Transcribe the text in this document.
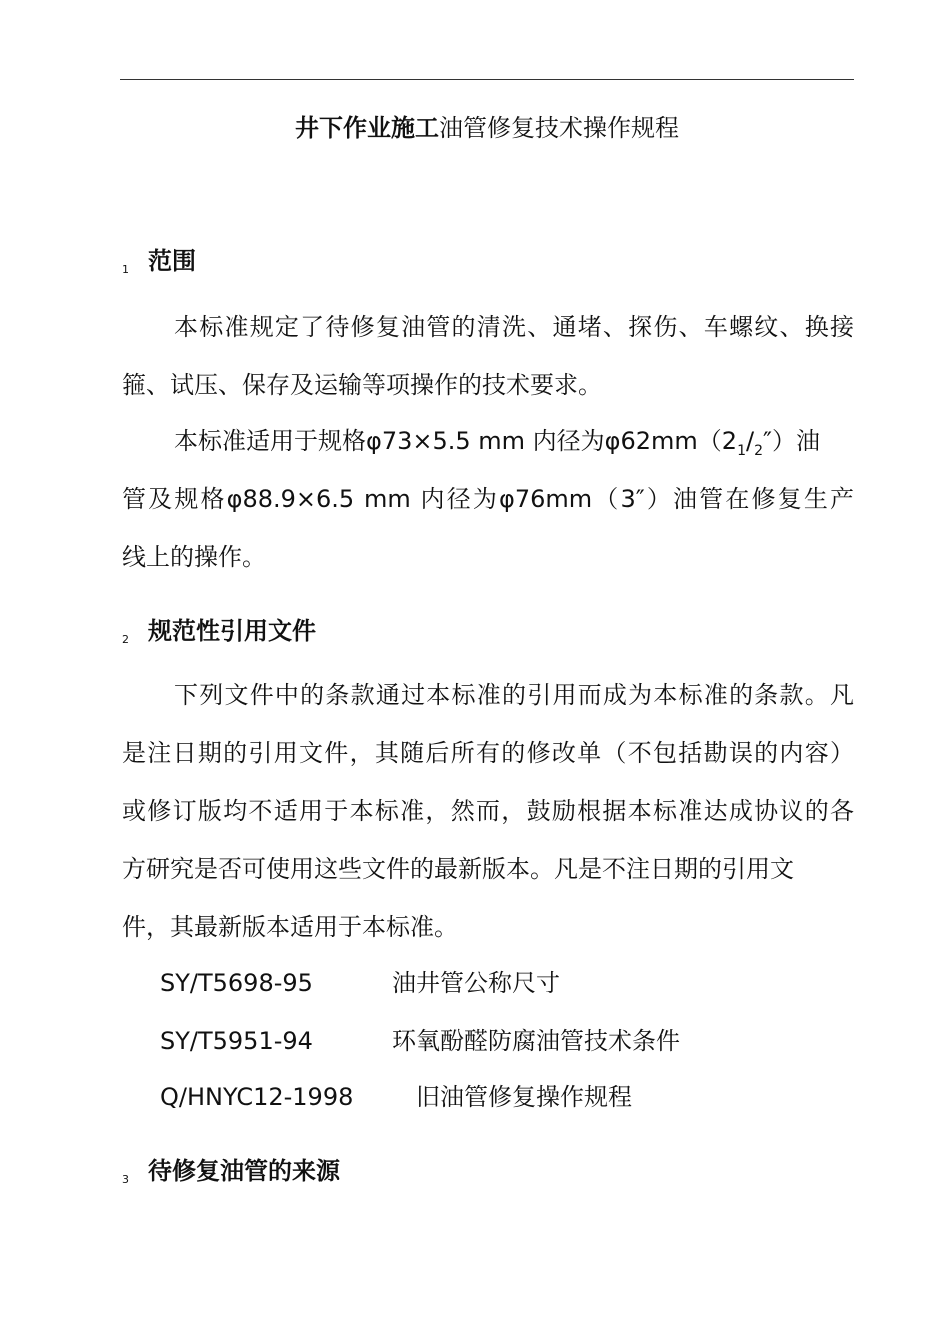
井下作业施工油管修复技术操作规程
1 范围
本标准规定了待修复油管的清洗、通堵、探伤、车螺纹、换接
箍、试压、保存及运输等项操作的技术要求。
本标准适用于规格φ73×5.5 mm 内径为$\varphi 62mm(2_1/_2'')$油
管及规格φ88.9×6.5 mm 内径为φ76mm（3″）油管在修复生产
线上的操作。
2 规范性引用文件
下列文件中的条款通过本标准的引用而成为本标准的条款。凡
是注日期的引用文件，其随后所有的修改单（不包括勘误的内容）
或修订版均不适用于本标准，然而，鼓励根据本标准达成协议的各
方研究是否可使用这些文件的最新版本。凡是不注日期的引用文
件，其最新版本适用于本标准。
SY/T5698-95	油井管公称尺寸
SY/T5951-94	环氧酚醛防腐油管技术条件
Q/HNYC12-1998	旧油管修复操作规程
3 待修复油管的来源
